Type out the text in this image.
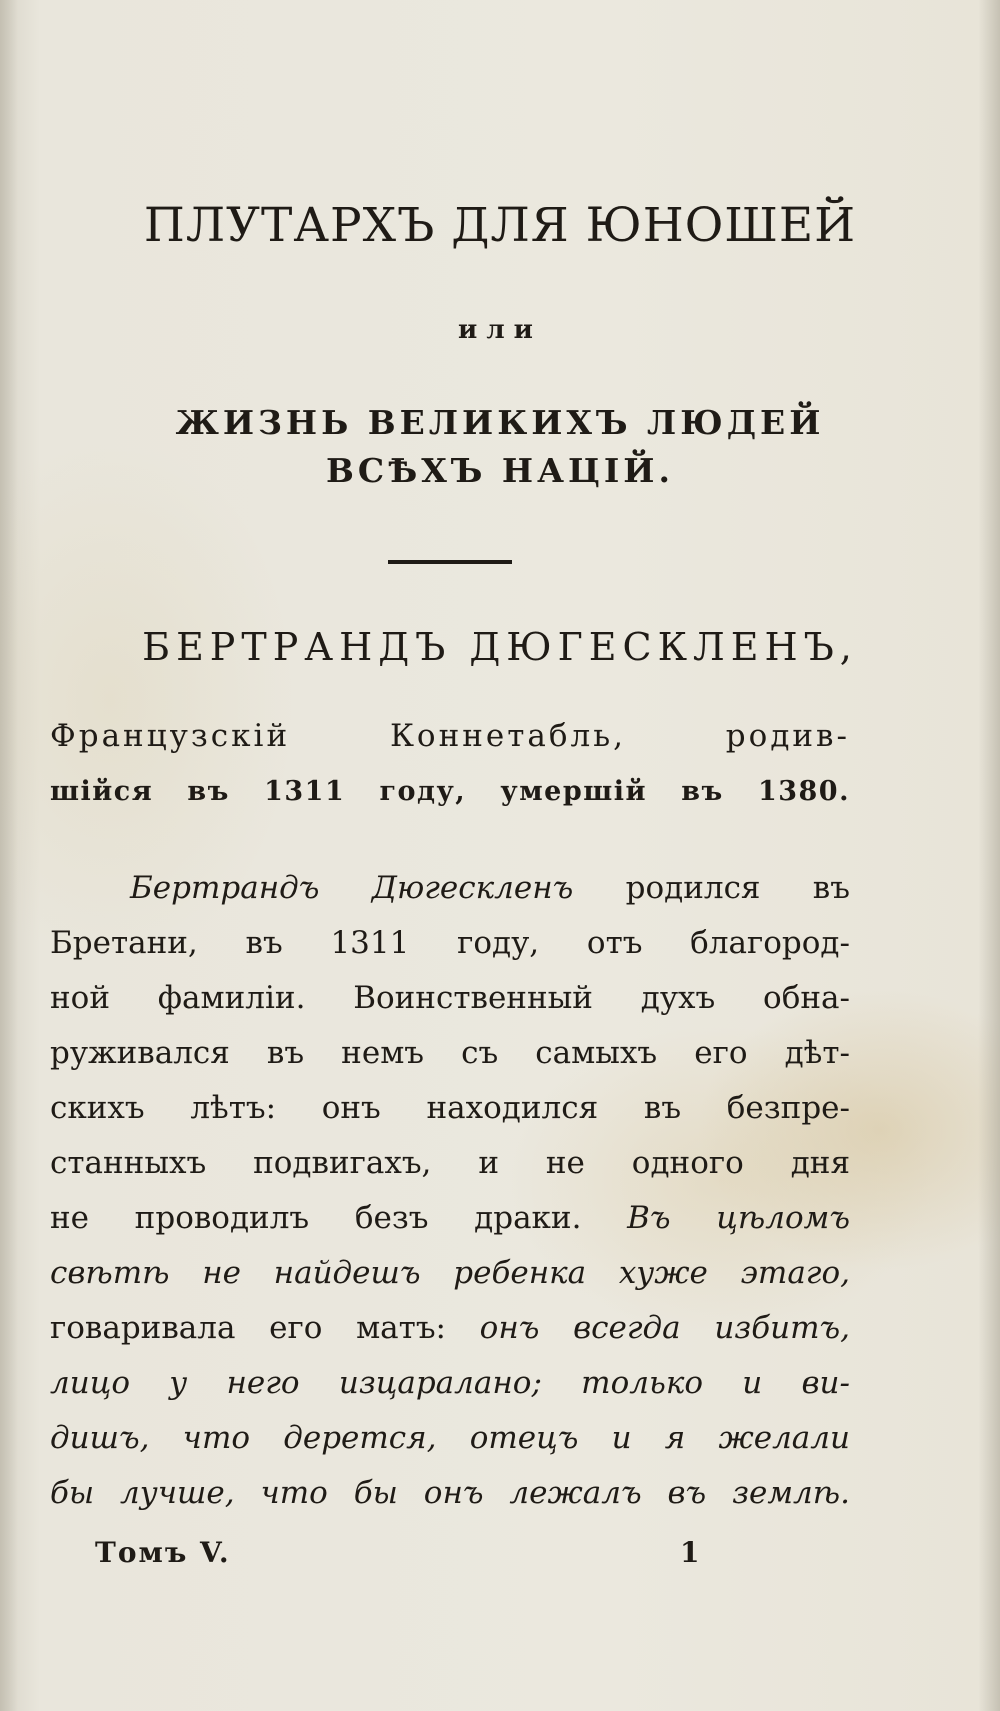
ПЛУТАРХЪ ДЛЯ ЮНОШЕЙ
или
ЖИЗНЬ ВЕЛИКИХЪ ЛЮДЕЙ
ВСѢХЪ НАЦІЙ.
БЕРТРАНДЪ ДЮГЕСКЛЕНЪ,
Французскій Коннетабль, родив-
шійся въ 1311 году, умершій въ 1380.
Бертрандъ Дюгескленъ родился въ
Бретани, въ 1311 году, отъ благород-
ной фамиліи. Воинственный духъ обна-
руживался въ немъ съ самыхъ его дѣт-
скихъ лѣтъ: онъ находился въ безпре-
станныхъ подвигахъ, и не одного дня
не проводилъ безъ драки. Въ цѣломъ
свѣтѣ не найдешъ ребенка хуже этаго,
говаривала его матъ: онъ всегда избитъ,
лицо у него изцаралано; только и ви-
дишъ, что дерется, отецъ и я желали
бы лучше, что бы онъ лежалъ въ землѣ.
Томъ V.	1
